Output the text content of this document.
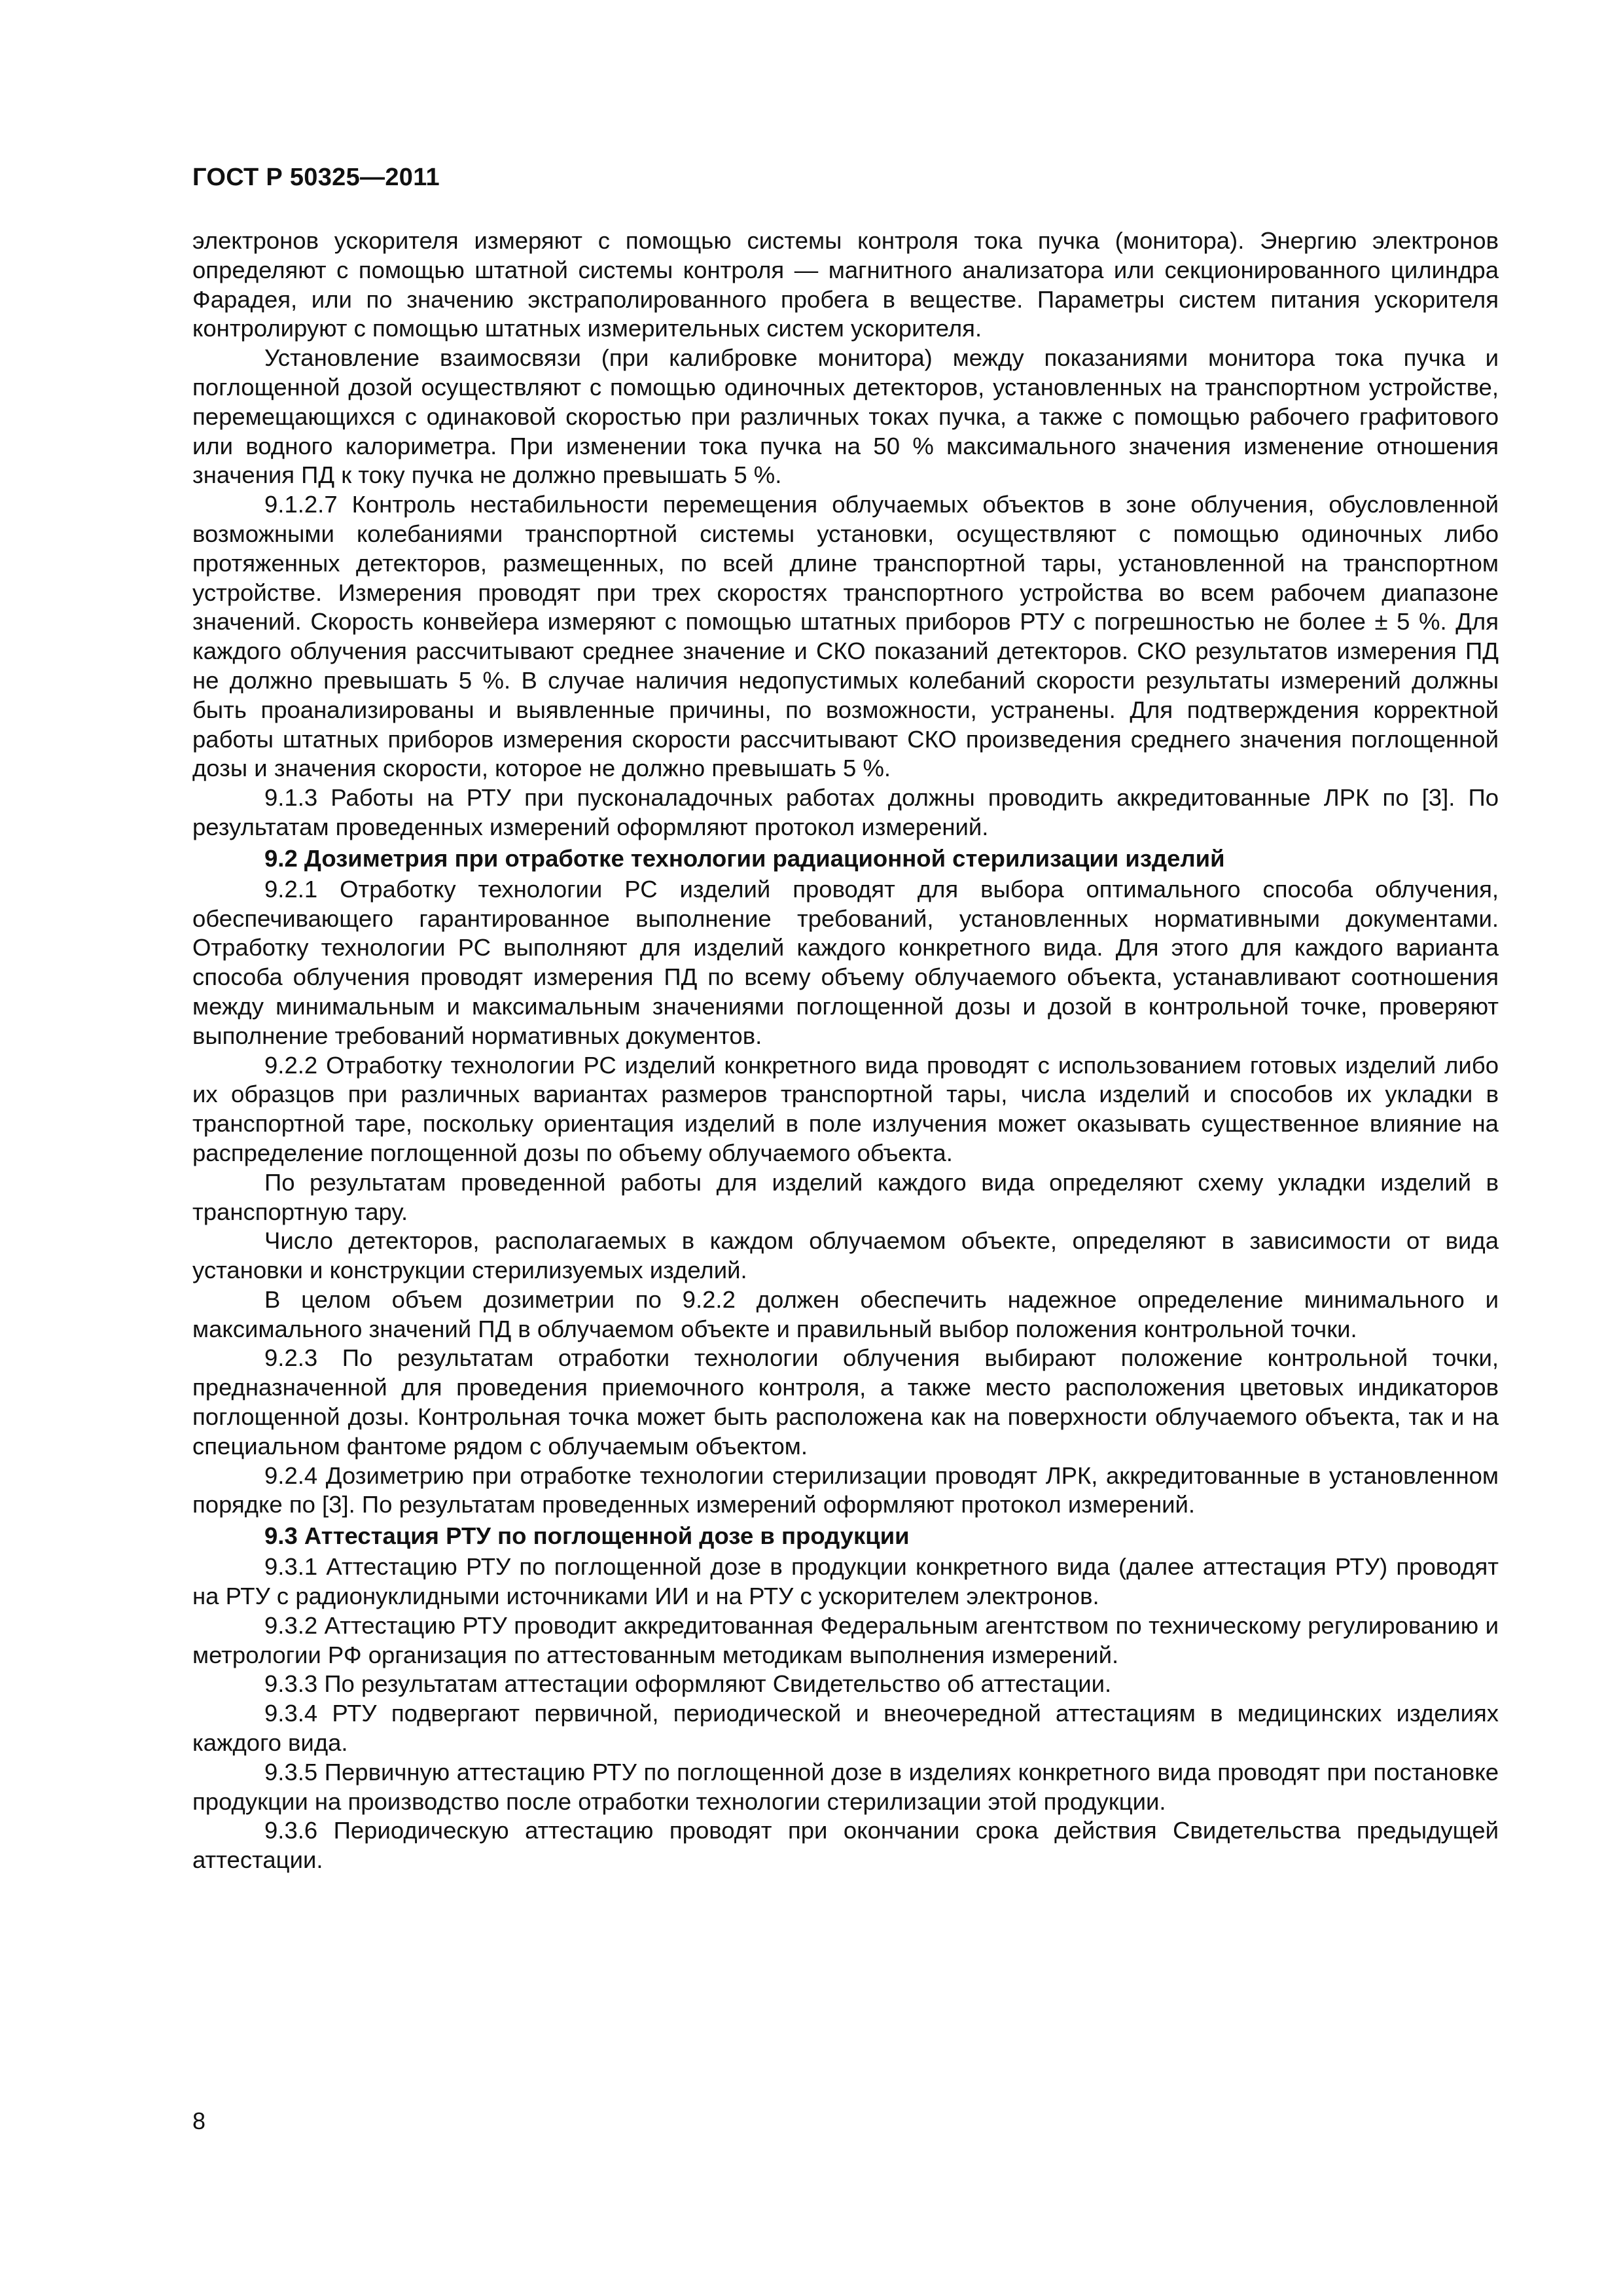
ГОСТ Р 50325—2011

электронов ускорителя измеряют с помощью системы контроля тока пучка (монитора). Энергию электронов определяют с помощью штатной системы контроля — магнитного анализатора или секционированного цилиндра Фарадея, или по значению экстраполированного пробега в веществе. Параметры систем питания ускорителя контролируют с помощью штатных измерительных систем ускорителя.

Установление взаимосвязи (при калибровке монитора) между показаниями монитора тока пучка и поглощенной дозой осуществляют с помощью одиночных детекторов, установленных на транспортном устройстве, перемещающихся с одинаковой скоростью при различных токах пучка, а также с помощью рабочего графитового или водного калориметра. При изменении тока пучка на 50 % максимального значения изменение отношения значения ПД к току пучка не должно превышать 5 %.

9.1.2.7 Контроль нестабильности перемещения облучаемых объектов в зоне облучения, обусловленной возможными колебаниями транспортной системы установки, осуществляют с помощью одиночных либо протяженных детекторов, размещенных, по всей длине транспортной тары, установленной на транспортном устройстве. Измерения проводят при трех скоростях транспортного устройства во всем рабочем диапазоне значений. Скорость конвейера измеряют с помощью штатных приборов РТУ с погрешностью не более ± 5 %. Для каждого облучения рассчитывают среднее значение и СКО показаний детекторов. СКО результатов измерения ПД не должно превышать 5 %. В случае наличия недопустимых колебаний скорости результаты измерений должны быть проанализированы и выявленные причины, по возможности, устранены. Для подтверждения корректной работы штатных приборов измерения скорости рассчитывают СКО произведения среднего значения поглощенной дозы и значения скорости, которое не должно превышать 5 %.

9.1.3 Работы на РТУ при пусконаладочных работах должны проводить аккредитованные ЛРК по [3]. По результатам проведенных измерений оформляют протокол измерений.

9.2 Дозиметрия при отработке технологии радиационной стерилизации изделий

9.2.1 Отработку технологии РС изделий проводят для выбора оптимального способа облучения, обеспечивающего гарантированное выполнение требований, установленных нормативными документами. Отработку технологии РС выполняют для изделий каждого конкретного вида. Для этого для каждого варианта способа облучения проводят измерения ПД по всему объему облучаемого объекта, устанавливают соотношения между минимальным и максимальным значениями поглощенной дозы и дозой в контрольной точке, проверяют выполнение требований нормативных документов.

9.2.2 Отработку технологии РС изделий конкретного вида проводят с использованием готовых изделий либо их образцов при различных вариантах размеров транспортной тары, числа изделий и способов их укладки в транспортной таре, поскольку ориентация изделий в поле излучения может оказывать существенное влияние на распределение поглощенной дозы по объему облучаемого объекта.

По результатам проведенной работы для изделий каждого вида определяют схему укладки изделий в транспортную тару.

Число детекторов, располагаемых в каждом облучаемом объекте, определяют в зависимости от вида установки и конструкции стерилизуемых изделий.

В целом объем дозиметрии по 9.2.2 должен обеспечить надежное определение минимального и максимального значений ПД в облучаемом объекте и правильный выбор положения контрольной точки.

9.2.3 По результатам отработки технологии облучения выбирают положение контрольной точки, предназначенной для проведения приемочного контроля, а также место расположения цветовых индикаторов поглощенной дозы. Контрольная точка может быть расположена как на поверхности облучаемого объекта, так и на специальном фантоме рядом с облучаемым объектом.

9.2.4 Дозиметрию при отработке технологии стерилизации проводят ЛРК, аккредитованные в установленном порядке по [3]. По результатам проведенных измерений оформляют протокол измерений.

9.3 Аттестация РТУ по поглощенной дозе в продукции

9.3.1 Аттестацию РТУ по поглощенной дозе в продукции конкретного вида (далее аттестация РТУ) проводят на РТУ с радионуклидными источниками ИИ и на РТУ с ускорителем электронов.

9.3.2 Аттестацию РТУ проводит аккредитованная Федеральным агентством по техническому регулированию и метрологии РФ организация по аттестованным методикам выполнения измерений.

9.3.3 По результатам аттестации оформляют Свидетельство об аттестации.

9.3.4 РТУ подвергают первичной, периодической и внеочередной аттестациям в медицинских изделиях каждого вида.

9.3.5 Первичную аттестацию РТУ по поглощенной дозе в изделиях конкретного вида проводят при постановке продукции на производство после отработки технологии стерилизации этой продукции.

9.3.6 Периодическую аттестацию проводят при окончании срока действия Свидетельства предыдущей аттестации.

8
